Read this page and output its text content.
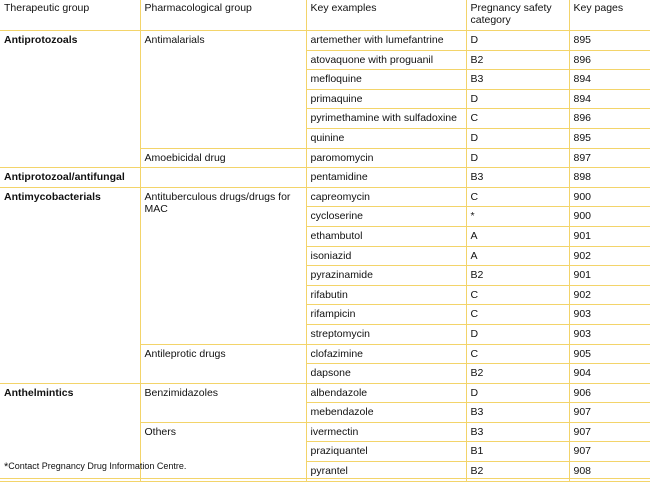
Therapeutic group	Pharmacological group	Key examples	Pregnancy safety category	Key pages
Antiprotozoals	Antimalarials	artemether with lumefantrine	D	895
		atovaquone with proguanil	B2	896
		mefloquine	B3	894
		primaquine	D	894
		pyrimethamine with sulfadoxine	C	896
		quinine	D	895
	Amoebicidal drug	paromomycin	D	897
Antiprotozoal/antifungal		pentamidine	B3	898
Antimycobacterials	Antituberculous drugs/drugs for MAC	capreomycin	C	900
		cycloserine	*	900
		ethambutol	A	901
		isoniazid	A	902
		pyrazinamide	B2	901
		rifabutin	C	902
		rifampicin	C	903
		streptomycin	D	903
	Antileprotic drugs	clofazimine	C	905
		dapsone	B2	904
Anthelmintics	Benzimidazoles	albendazole	D	906
		mebendazole	B3	907
	Others	ivermectin	B3	907
		praziquantel	B1	907
		pyrantel	B2	908
*Contact Pregnancy Drug Information Centre.
